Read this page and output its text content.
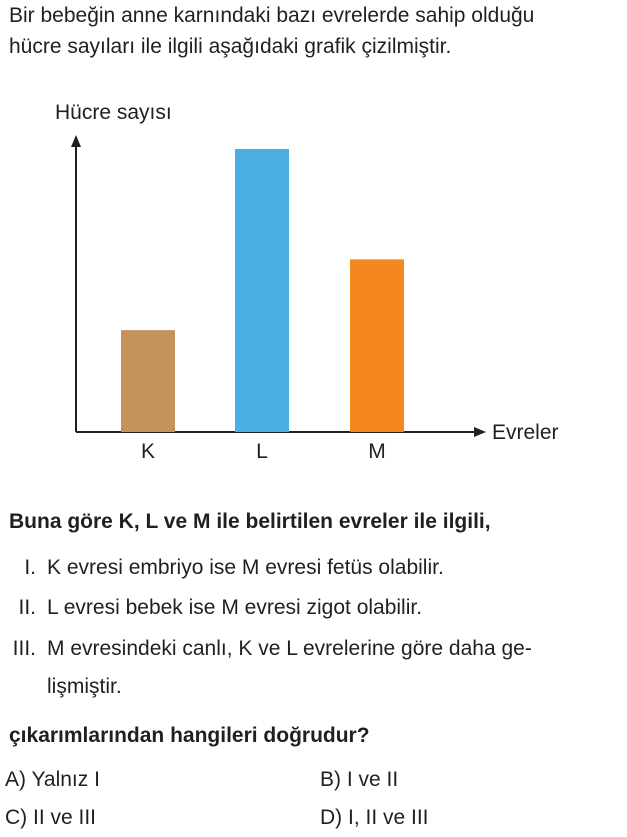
Bir bebeğin anne karnındaki bazı evrelerde sahip olduğu
hücre sayıları ile ilgili aşağıdaki grafik çizilmiştir.

Hücre sayısı
Evreler
K	L	M

Buna göre K, L ve M ile belirtilen evreler ile ilgili,

I. K evresi embriyo ise M evresi fetüs olabilir.
II. L evresi bebek ise M evresi zigot olabilir.
III. M evresindeki canlı, K ve L evrelerine göre daha ge-
lişmiştir.

çıkarımlarından hangileri doğrudur?

A) Yalnız I	B) I ve II
C) II ve III	D) I, II ve III
